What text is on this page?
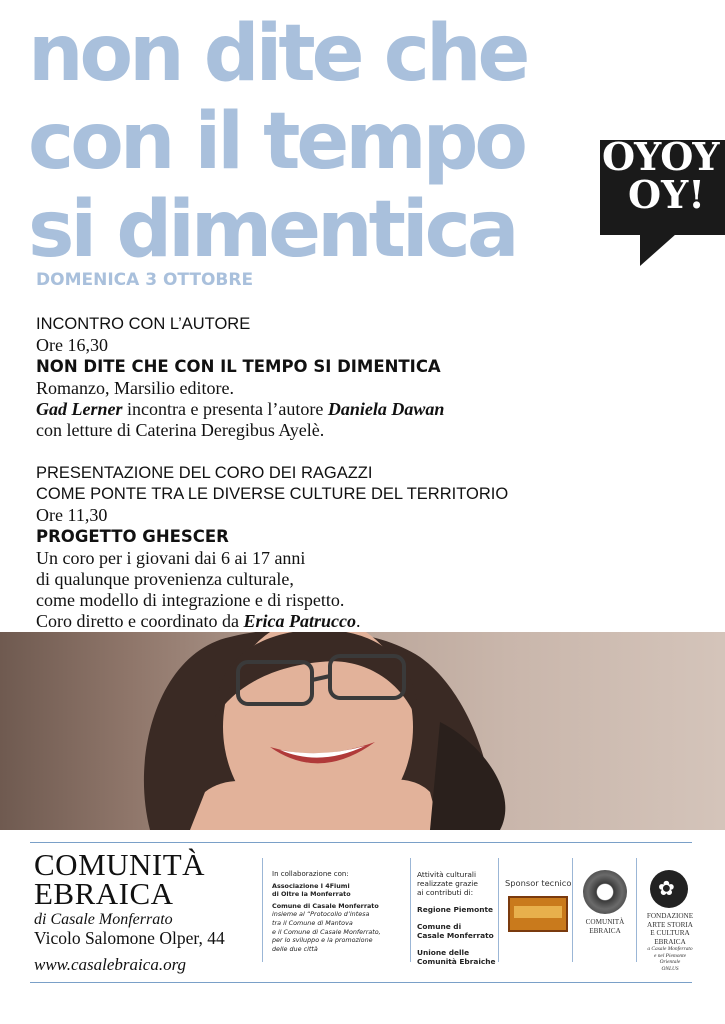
non dite che
con il tempo
si dimentica
OYOY
OY!
DOMENICA 3 OTTOBRE
INCONTRO CON L’AUTORE
Ore 16,30
NON DITE CHE CON IL TEMPO SI DIMENTICA
Romanzo, Marsilio editore.
Gad Lerner incontra e presenta l’autore Daniela Dawan
con letture di Caterina Deregibus Ayelè.
PRESENTAZIONE DEL CORO DEI RAGAZZI
COME PONTE TRA LE DIVERSE CULTURE DEL TERRITORIO
Ore 11,30
PROGETTO GHESCER
Un coro per i giovani dai 6 ai 17 anni
di qualunque provenienza culturale,
come modello di integrazione e di rispetto.
Coro diretto e coordinato da Erica Patrucco.
COMUNITÀ
EBRAICA
di Casale Monferrato
Vicolo Salomone Olper, 44
www.casalebraica.org
In collaborazione con:
Associazione I 4Fiumi
di Oltre la Monferrato
Comune di Casale Monferrato
insieme al “Protocollo d’intesa
tra il Comune di Mantova
e il Comune di Casale Monferrato,
per lo sviluppo e la promozione
delle due città
Attività culturali
realizzate grazie
ai contributi di:
Regione Piemonte
Comune di
Casale Monferrato
Unione delle
Comunità Ebraiche
Sponsor tecnico
COMUNITÀ
EBRAICA
✿
FONDAZIONE
ARTE STORIA
E CULTURA
EBRAICA
a Casale Monferrato
e nel Piemonte
Orientale
ONLUS
